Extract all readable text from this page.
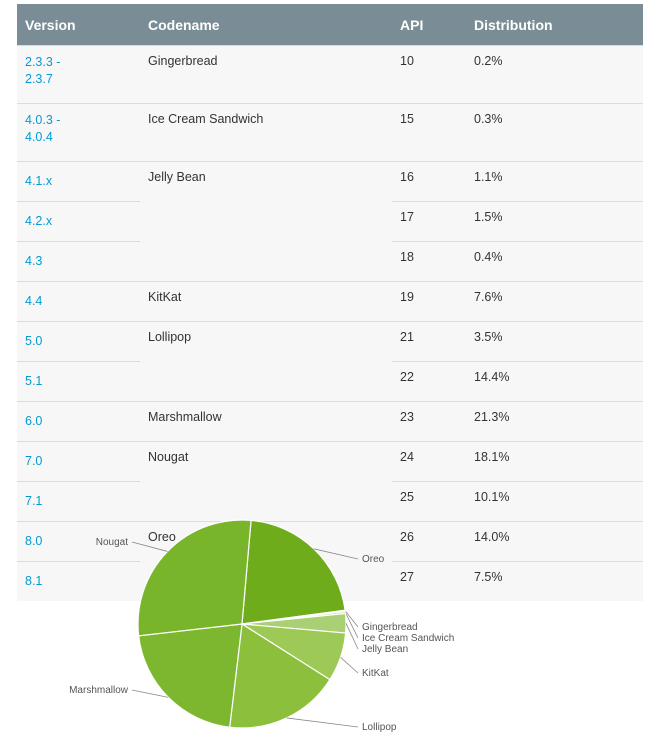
Version	Codename	API	Distribution
2.3.3 -
2.3.7	Gingerbread	10	0.2%
4.0.3 -
4.0.4	Ice Cream Sandwich	15	0.3%
4.1.x	Jelly Bean	16	1.1%
4.2.x		17	1.5%
4.3		18	0.4%
4.4	KitKat	19	7.6%
5.0	Lollipop	21	3.5%
5.1		22	14.4%
6.0	Marshmallow	23	21.3%
7.0	Nougat	24	18.1%
7.1		25	10.1%
8.0	Oreo	26	14.0%
8.1		27	7.5%
Oreo
Gingerbread
Ice Cream Sandwich
Jelly Bean
KitKat
Lollipop
Marshmallow
Nougat
